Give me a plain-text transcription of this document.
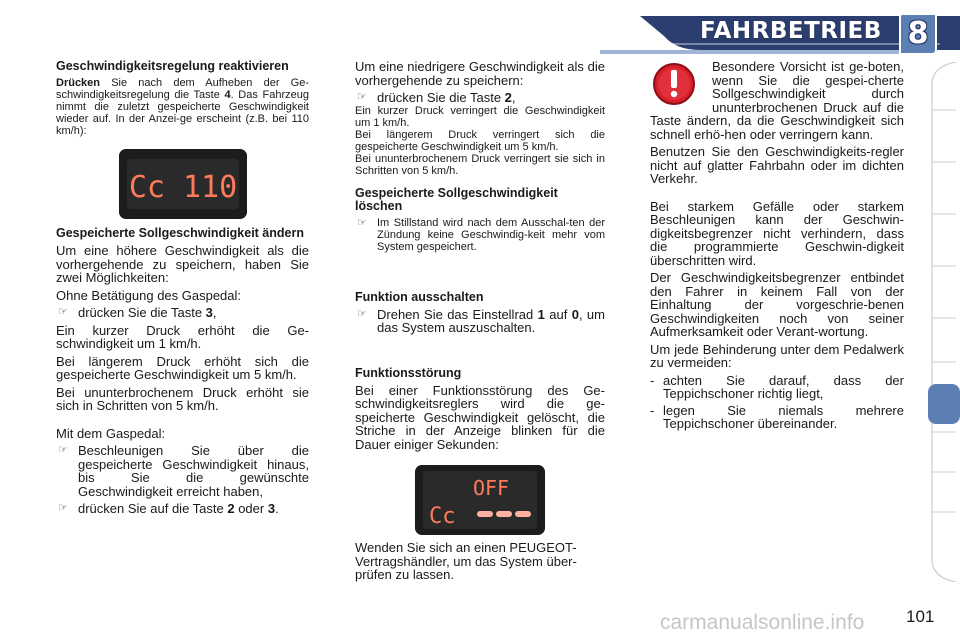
FAHRBETRIEB 8
Geschwindigkeitsregelung reaktivieren

Drücken Sie nach dem Aufheben der Ge-schwindigkeitsregelung die Taste 4. Das Fahrzeug nimmt die zuletzt gespeicherte Geschwindigkeit wieder auf. In der Anzei-ge erscheint (z.B. bei 110 km/h):

Cc 110
Gespeicherte Sollgeschwindigkeit ändern

Um eine höhere Geschwindigkeit als die vorhergehende zu speichern, haben Sie zwei Möglichkeiten:

Ohne Betätigung des Gaspedal:

☞ drücken Sie die Taste 3,

Ein kurzer Druck erhöht die Ge-schwindigkeit um 1 km/h.

Bei längerem Druck erhöht sich die gespeicherte Geschwindigkeit um 5 km/h.

Bei ununterbrochenem Druck erhöht sie sich in Schritten von 5 km/h.

Mit dem Gaspedal:

☞ Beschleunigen Sie über die gespeicherte Geschwindigkeit hinaus, bis Sie die gewünschte Geschwindigkeit erreicht haben,
☞ drücken Sie auf die Taste 2 oder 3.

Um eine niedrigere Geschwindigkeit als die vorhergehende zu speichern:

☞ drücken Sie die Taste 2,

Ein kurzer Druck verringert die Geschwindigkeit um 1 km/h.

Bei längerem Druck verringert sich die gespeicherte Geschwindigkeit um 5 km/h.

Bei ununterbrochenem Druck verringert sie sich in Schritten von 5 km/h.

Gespeicherte Sollgeschwindigkeit löschen
☞ Im Stillstand wird nach dem Ausschal-ten der Zündung keine Geschwindig-keit mehr vom System gespeichert.
Funktion ausschalten
☞ Drehen Sie das Einstellrad 1 auf 0, um das System auszuschalten.
Funktionsstörung

Bei einer Funktionsstörung des Ge-schwindigkeitsreglers wird die ge-speicherte Geschwindigkeit gelöscht, die Striche in der Anzeige blinken für die Dauer einiger Sekunden:

OFF
Cc

Wenden Sie sich an einen PEUGEOT-Vertragshändler, um das System über-prüfen zu lassen.

Besondere Vorsicht ist ge-boten, wenn Sie die gespei-cherte Sollgeschwindigkeit durch ununterbrochenen Druck auf die Taste ändern, da die Geschwindigkeit sich schnell erhö-hen oder verringern kann.

Benutzen Sie den Geschwindigkeits-regler nicht auf glatter Fahrbahn oder im dichten Verkehr.

Bei starkem Gefälle oder starkem Beschleunigen kann der Geschwin-digkeitsbegrenzer nicht verhindern, dass die programmierte Geschwin-digkeit überschritten wird.

Der Geschwindigkeitsbegrenzer entbindet den Fahrer in keinem Fall von der Einhaltung der vorgeschrie-benen Geschwindigkeiten noch von seiner Aufmerksamkeit oder Verant-wortung.

Um jede Behinderung unter dem Pedalwerk zu vermeiden:

- achten Sie darauf, dass der Teppichschoner richtig liegt,
- legen Sie niemals mehrere Teppichschoner übereinander.
carmanualsonline.info 101
